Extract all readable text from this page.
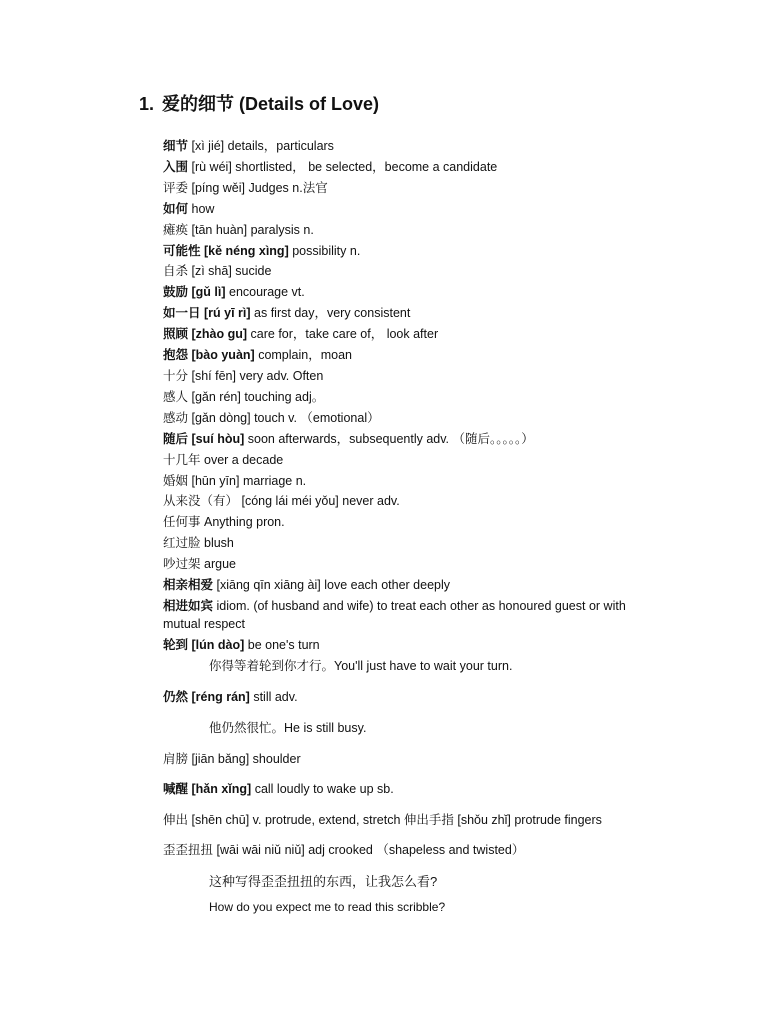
1. 爱的细节 (Details of Love)
细节 [xì jié] details，particulars
入围 [rù wéi] shortlisted， be selected，become a candidate
评委 [píng wěi] Judges n.法官
如何 how
瘫痪 [tān huàn] paralysis n.
可能性 [kě néng xìng] possibility n.
自杀 [zì shā] sucide
鼓励 [gǔ lì] encourage vt.
如一日 [rú yī rì] as first day，very consistent
照顾 [zhào gu] care for，take care of， look after
抱怨 [bào yuàn] complain，moan
十分 [shí fēn] very adv. Often
感人 [gǎn rén] touching adj。
感动 [gǎn dòng] touch v. （emotional）
随后 [suí hòu] soon afterwards，subsequently adv. （随后。。。。。）
十几年 over a decade
婚姻 [hūn yīn] marriage n.
从来没（有） [cóng lái méi yǒu] never adv.
任何事 Anything pron.
红过脸 blush
吵过架 argue
相亲相爱 [xiāng qīn xiāng ài] love each other deeply
相进如宾 idiom. (of husband and wife) to treat each other as honoured guest or with mutual respect
轮到 [lún dào] be one's turn
你得等着轮到你才行。You'll just have to wait your turn.
仍然 [réng rán] still adv.
他仍然很忙。He is still busy.
肩膀 [jiān bǎng] shoulder
喊醒 [hǎn xǐng] call loudly to wake up sb.
伸出 [shēn chū] v. protrude, extend, stretch 伸出手指 [shǒu zhǐ] protrude fingers
歪歪扭扭 [wāi wāi niǔ niǔ] adj crooked （shapeless and twisted）
这种写得歪歪扭扭的东西，让我怎么看?
How do you expect me to read this scribble?
